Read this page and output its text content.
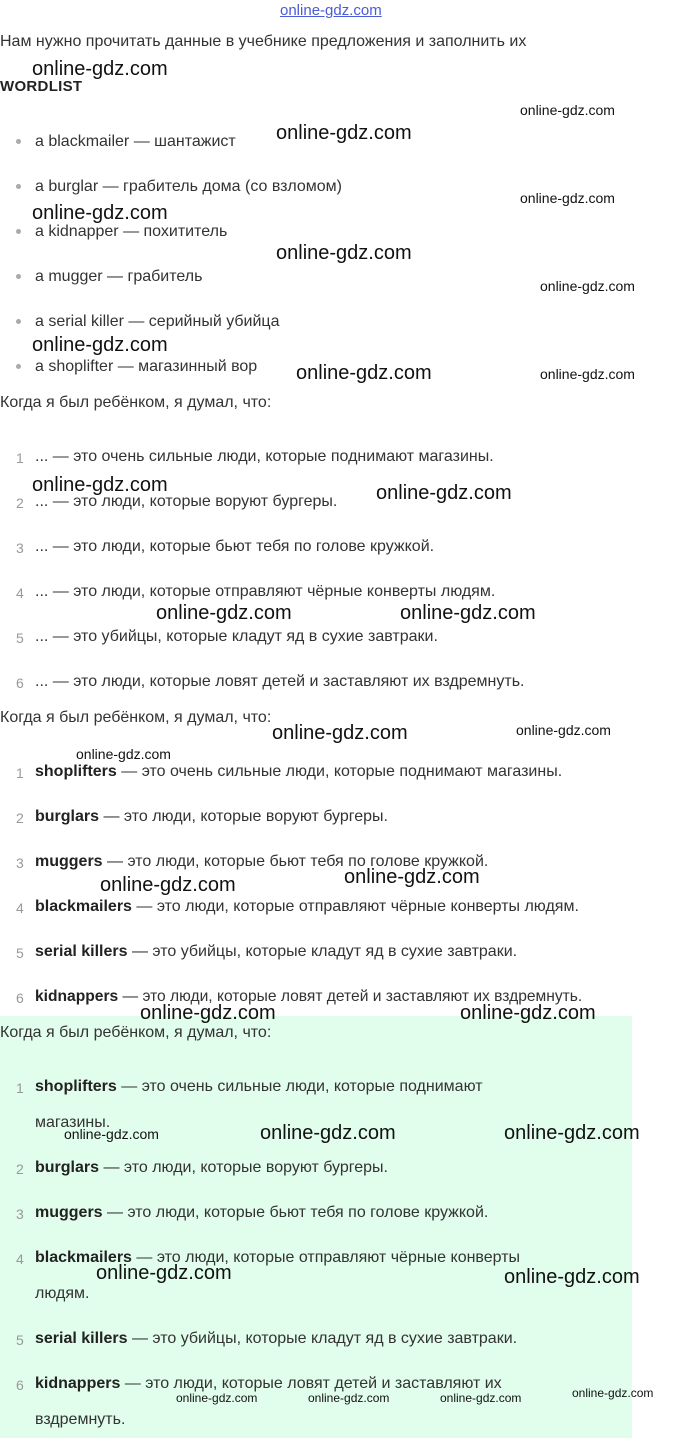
online-gdz.com
Нам нужно прочитать данные в учебнике предложения и заполнить их
WORDLIST
a blackmailer — шантажист
a burglar — грабитель дома (со взломом)
a kidnapper — похититель
a mugger — грабитель
a serial killer — серийный убийца
a shoplifter — магазинный вор
Когда я был ребёнком, я думал, что:
1 ... — это очень сильные люди, которые поднимают магазины.
2 ... — это люди, которые воруют бургеры.
3 ... — это люди, которые бьют тебя по голове кружкой.
4 ... — это люди, которые отправляют чёрные конверты людям.
5 ... — это убийцы, которые кладут яд в сухие завтраки.
6 ... — это люди, которые ловят детей и заставляют их вздремнуть.
Когда я был ребёнком, я думал, что:
1 shoplifters — это очень сильные люди, которые поднимают магазины.
2 burglars — это люди, которые воруют бургеры.
3 muggers — это люди, которые бьют тебя по голове кружкой.
4 blackmailers — это люди, которые отправляют чёрные конверты людям.
5 serial killers — это убийцы, которые кладут яд в сухие завтраки.
6 kidnappers — это люди, которые ловят детей и заставляют их вздремнуть.
Когда я был ребёнком, я думал, что:
1 shoplifters — это очень сильные люди, которые поднимают
магазины.
2 burglars — это люди, которые воруют бургеры.
3 muggers — это люди, которые бьют тебя по голове кружкой.
4 blackmailers — это люди, которые отправляют чёрные конверты
людям.
5 serial killers — это убийцы, которые кладут яд в сухие завтраки.
6 kidnappers — это люди, которые ловят детей и заставляют их
вздремнуть.
online-gdz.com
online-gdz.com
online-gdz.com
online-gdz.com
online-gdz.com
online-gdz.com
online-gdz.com
online-gdz.com
online-gdz.com	online-gdz.com
online-gdz.com	online-gdz.com
online-gdz.com	online-gdz.com
online-gdz.com
online-gdz.com
online-gdz.com
online-gdz.com
online-gdz.com
online-gdz.com	online-gdz.com
online-gdz.com	online-gdz.com	online-gdz.com
online-gdz.com	online-gdz.com
online-gdz.com
online-gdz.com	online-gdz.com	online-gdz.com
